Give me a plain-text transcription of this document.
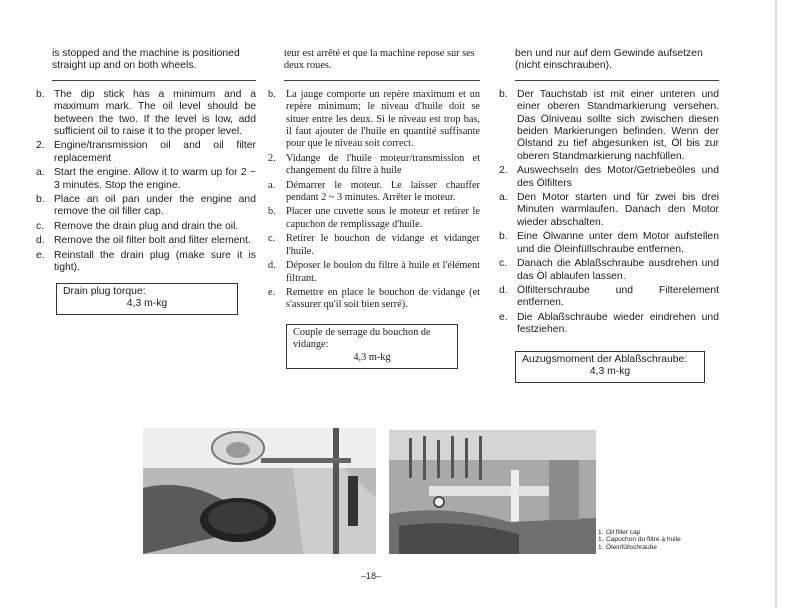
is stopped and the machine is positioned straight up and on both wheels.
b. The dip stick has a minimum and a maximum mark. The oil level should be between the two. If the level is low, add sufficient oil to raise it to the proper level.
2. Engine/transmission oil and oil filter replacement
a. Start the engine. Allow it to warm up for 2 ~ 3 minutes. Stop the engine.
b. Place an oil pan under the engine and remove the oil filler cap.
c. Remove the drain plug and drain the oil.
d. Remove the oil filter bolt and filter element.
e. Reinstall the drain plug (make sure it is tight).
Drain plug torque:
4,3 m-kg
teur est arrêté et que la machine repose sur ses deux roues.
b. La jauge comporte un repère maximum et un repère minimum; le niveau d'huile doit se situer entre les deux. Si le niveau est trop bas, il faut ajouter de l'huile en quantité suffisante pour que le niveau soit correct.
2. Vidange de l'huile moteur/transmission et changement du filtre à huile
a.	Démarrer le moteur. Le laisser chauffer pendant 2 ~ 3 minutes. Arrêter le moteur.
b. Placer une cuvette sous le moteur et retirer le capuchon de remplissage d'huile.
c.	Retirer le bouchon de vidange et vidanger l'huile.
d. Déposer le boulon du filtre à huile et l'élément filtrant.
e.	Remettre en place le bouchon de vidange (et s'assurer qu'il soit bien serré).
Couple de serrage du bouchon de vidange:
4,3 m-kg
ben und nur auf dem Gewinde aufsetzen (nicht einschrauben).
b. Der Tauchstab ist mit einer unteren und einer oberen Standmarkierung versehen. Das Ölniveau sollte sich zwischen diesen beiden Markierungen befinden. Wenn der Ölstand zu tief abgesunken ist, Öl bis zur oberen Standmarkierung nachfüllen.
2. Auswechseln des Motor/Getriebeöles und des Ölfilters
a. Den Motor starten und für zwei bis drei Minuten warmlaufen. Danach den Motor wieder abschalten.
b. Eine Ölwanne unter dem Motor aufstellen und die Öleinfüllschraube entfernen.
c. Danach die Ablaßschraube ausdrehen und das Öl ablaufen lassen.
d. Ölfilterschraube und Filterelement entfernen.
e. Die Ablaßschraube wieder eindrehen und festziehen.
Auzugsmoment der Ablaßschraube:
4,3 m-kg
1. Oil filler cap
1. Capuchon du filtre à huile
1. Öleinfüllschraube
–18–
